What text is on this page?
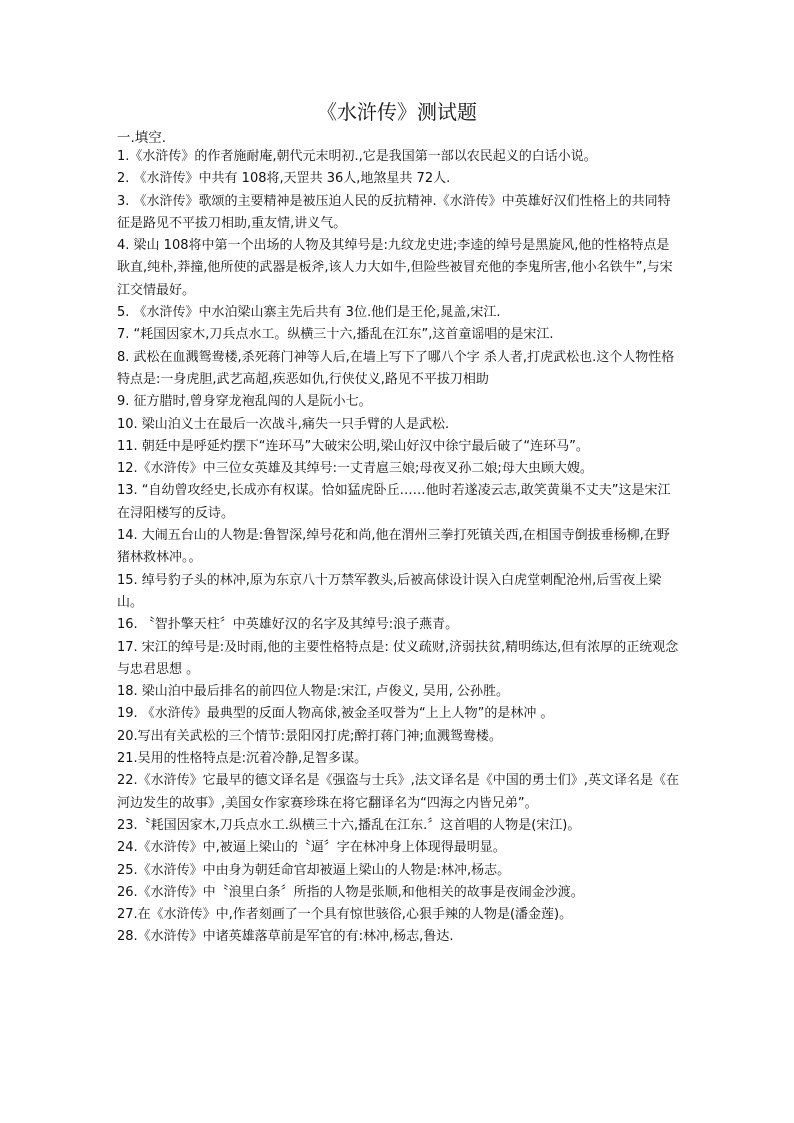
《水浒传》测试题
一.填空.

1.《水浒传》的作者施耐庵,朝代元末明初.,它是我国第一部以农民起义的白话小说。

2. 《水浒传》中共有 108将,天罡共 36人,地煞星共 72人.

3. 《水浒传》歌颂的主要精神是被压迫人民的反抗精神.《水浒传》中英雄好汉们性格上的共同特征是路见不平拔刀相助,重友情,讲义气。

4. 梁山 108将中第一个出场的人物及其绰号是:九纹龙史进;李逵的绰号是黑旋风,他的性格特点是耿直,纯朴,莽撞,他所使的武器是板斧,该人力大如牛,但险些被冒充他的李鬼所害,他小名铁牛”,与宋江交情最好。

5. 《水浒传》中水泊梁山寨主先后共有 3位.他们是王伦,晁盖,宋江.

7. “耗国因家木,刀兵点水工。纵横三十六,播乱在江东”,这首童谣唱的是宋江.

8. 武松在血溅鸳鸯楼,杀死蒋门神等人后,在墙上写下了哪八个字 杀人者,打虎武松也.这个人物性格特点是:一身虎胆,武艺高超,疾恶如仇,行侠仗义,路见不平拔刀相助

9. 征方腊时,曾身穿龙袍乱闯的人是阮小七。

10. 梁山泊义士在最后一次战斗,痛失一只手臂的人是武松.

11. 朝廷中是呼延灼摆下“连环马”大破宋公明,梁山好汉中徐宁最后破了“连环马”。

12.《水浒传》中三位女英雄及其绰号:一丈青扈三娘;母夜叉孙二娘;母大虫顾大嫂。

13. “自幼曾攻经史,长成亦有权谋。恰如猛虎卧丘……他时若遂凌云志,敢笑黄巢不丈夫”这是宋江在浔阳楼写的反诗。

14. 大闹五台山的人物是:鲁智深,绰号花和尚,他在渭州三拳打死镇关西,在相国寺倒拔垂杨柳,在野猪林救林冲。。

15. 绰号豹子头的林冲,原为东京八十万禁军教头,后被高俅设计误入白虎堂刺配沧州,后雪夜上梁山。

16. 〝智扑擎天柱〞中英雄好汉的名字及其绰号:浪子燕青。

17. 宋江的绰号是:及时雨,他的主要性格特点是: 仗义疏财,济弱扶贫,精明练达,但有浓厚的正统观念与忠君思想 。

18. 梁山泊中最后排名的前四位人物是:宋江, 卢俊义, 吴用, 公孙胜。

19. 《水浒传》最典型的反面人物高俅,被金圣叹誉为“上上人物”的是林冲 。

20.写出有关武松的三个情节:景阳冈打虎;醉打蒋门神;血溅鸳鸯楼。

21.吴用的性格特点是:沉着冷静,足智多谋。

22.《水浒传》它最早的德文译名是《强盗与士兵》,法文译名是《中国的勇士们》,英文译名是《在河边发生的故事》,美国女作家赛珍珠在将它翻译名为“四海之内皆兄弟”。

23.〝耗国因家木,刀兵点水工.纵横三十六,播乱在江东.〞这首唱的人物是(宋江)。

24.《水浒传》中,被逼上梁山的〝逼〞字在林冲身上体现得最明显。

25.《水浒传》中由身为朝廷命官却被逼上梁山的人物是:林冲,杨志。

26.《水浒传》中〝浪里白条〞所指的人物是张顺,和他相关的故事是夜闹金沙渡。

27.在《水浒传》中,作者刻画了一个具有惊世骇俗,心狠手辣的人物是(潘金莲)。

28.《水浒传》中诸英雄落草前是军官的有:林冲,杨志,鲁达.
